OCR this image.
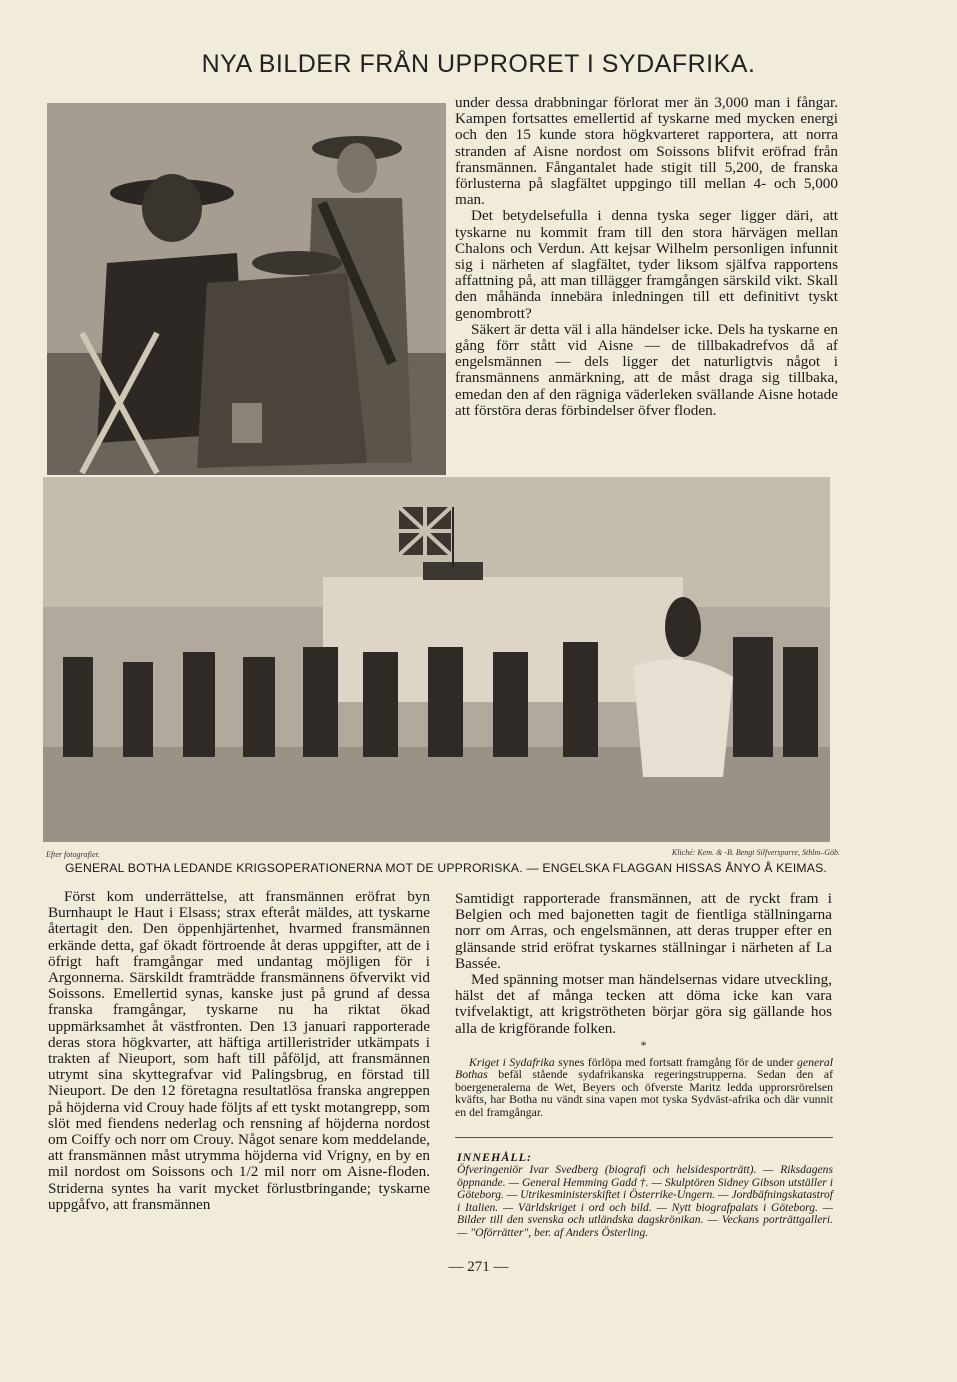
NYA BILDER FRÅN UPPRORET I SYDAFRIKA.

under dessa drabbningar förlorat mer än 3,000 man i fångar. Kampen fortsattes emellertid af tyskarne med mycken energi och den 15 kunde stora högkvarteret rapportera, att norra stranden af Aisne nordost om Soissons blifvit eröfrad från fransmännen. Fångantalet hade stigit till 5,200, de franska förlusterna på slagfältet uppgingo till mellan 4- och 5,000 man.

Det betydelsefulla i denna tyska seger ligger däri, att tyskarne nu kommit fram till den stora härvägen mellan Chalons och Verdun. Att kejsar Wilhelm personligen infunnit sig i närheten af slagfältet, tyder liksom själfva rapportens affattning på, att man tillägger framgången särskild vikt. Skall den måhända innebära inledningen till ett definitivt tyskt genombrott?

Säkert är detta väl i alla händelser icke. Dels ha tyskarne en gång förr stått vid Aisne — de tillbakadrefvos då af engelsmännen — dels ligger det naturligtvis något i fransmännens anmärkning, att de måst draga sig tillbaka, emedan den af den rägniga väderleken svällande Aisne hotade att förstöra deras förbindelser öfver floden.

Efter fotografier.	Kliché: Kem. & -B. Bengt Silfversparre, Sthlm–Göb.
GENERAL BOTHA LEDANDE KRIGSOPERATIONERNA MOT DE UPPRORISKA. — ENGELSKA FLAGGAN HISSAS ÅNYO Å KEIMAS.

Först kom underrättelse, att fransmännen eröfrat byn Burnhaupt le Haut i Elsass; strax efteråt mäldes, att tyskarne återtagit den. Den öppenhjärtenhet, hvarmed fransmännen erkände detta, gaf ökadt förtroende åt deras uppgifter, att de i öfrigt haft framgångar med undantag möjligen för i Argonnerna. Särskildt framträdde fransmännens öfvervikt vid Soissons. Emellertid synas, kanske just på grund af dessa franska framgångar, tyskarne nu ha riktat ökad uppmärksamhet åt västfronten. Den 13 januari rapporterade deras stora högkvarter, att häftiga artilleristrider utkämpats i trakten af Nieuport, som haft till påföljd, att fransmännen utrymt sina skyttegrafvar vid Palingsbrug, en förstad till Nieuport. De den 12 företagna resultatlösa franska angreppen på höjderna vid Crouy hade följts af ett tyskt motangrepp, som slöt med fiendens nederlag och rensning af höjderna nordost om Coiffy och norr om Crouy. Något senare kom meddelande, att fransmännen måst utrymma höjderna vid Vrigny, en by en mil nordost om Soissons och 1/2 mil norr om Aisne-floden. Striderna syntes ha varit mycket förlustbringande; tyskarne uppgåfvo, att fransmännen

Samtidigt rapporterade fransmännen, att de ryckt fram i Belgien och med bajonetten tagit de fientliga ställningarna norr om Arras, och engelsmännen, att deras trupper efter en glänsande strid eröfrat tyskarnes ställningar i närheten af La Bassée.

Med spänning motser man händelsernas vidare utveckling, hälst det af många tecken att döma icke kan vara tvifvelaktigt, att krigströtheten börjar göra sig gällande hos alla de krigförande folken.

*
Kriget i Sydafrika synes förlöpa med fortsatt framgång för de under general Bothas befäl stående sydafrikanska regeringstrupperna. Sedan den af boergeneralerna de Wet, Beyers och öfverste Maritz ledda upprorsrörelsen kväfts, har Botha nu vändt sina vapen mot tyska Sydväst-afrika och där vunnit en del framgångar.
INNEHÅLL:
Öfveringeniör Ivar Svedberg (biografi och helsidesporträtt). — Riksdagens öppnande. — General Hemming Gadd †. — Skulptören Sidney Gibson utställer i Göteborg. — Utrikesministerskiftet i Österrike-Ungern. — Jordbäfningskatastrof i Italien. — Världskriget i ord och bild. — Nytt biografpalats i Göteborg. — Bilder till den svenska och utländska dagskrönikan. — Veckans porträttgalleri. — "Oförrätter", ber. af Anders Österling.
— 271 —
